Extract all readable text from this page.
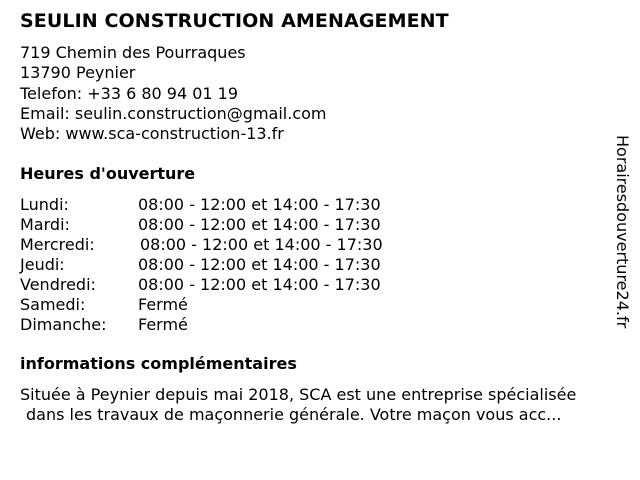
SEULIN CONSTRUCTION AMENAGEMENT
719 Chemin des Pourraques
13790 Peynier
Telefon: +33 6 80 94 01 19
Email: seulin.construction@gmail.com
Web: www.sca-construction-13.fr
Heures d'ouverture
Lundi:	08:00 - 12:00 et 14:00 - 17:30
Mardi:	08:00 - 12:00 et 14:00 - 17:30
Mercredi:	08:00 - 12:00 et 14:00 - 17:30
Jeudi:	08:00 - 12:00 et 14:00 - 17:30
Vendredi:	08:00 - 12:00 et 14:00 - 17:30
Samedi:	Fermé
Dimanche: Fermé
informations complémentaires
Située à Peynier depuis mai 2018, SCA est une entreprise spécialisée
dans les travaux de maçonnerie générale. Votre maçon vous acc...
Horairesdouverture24.fr
